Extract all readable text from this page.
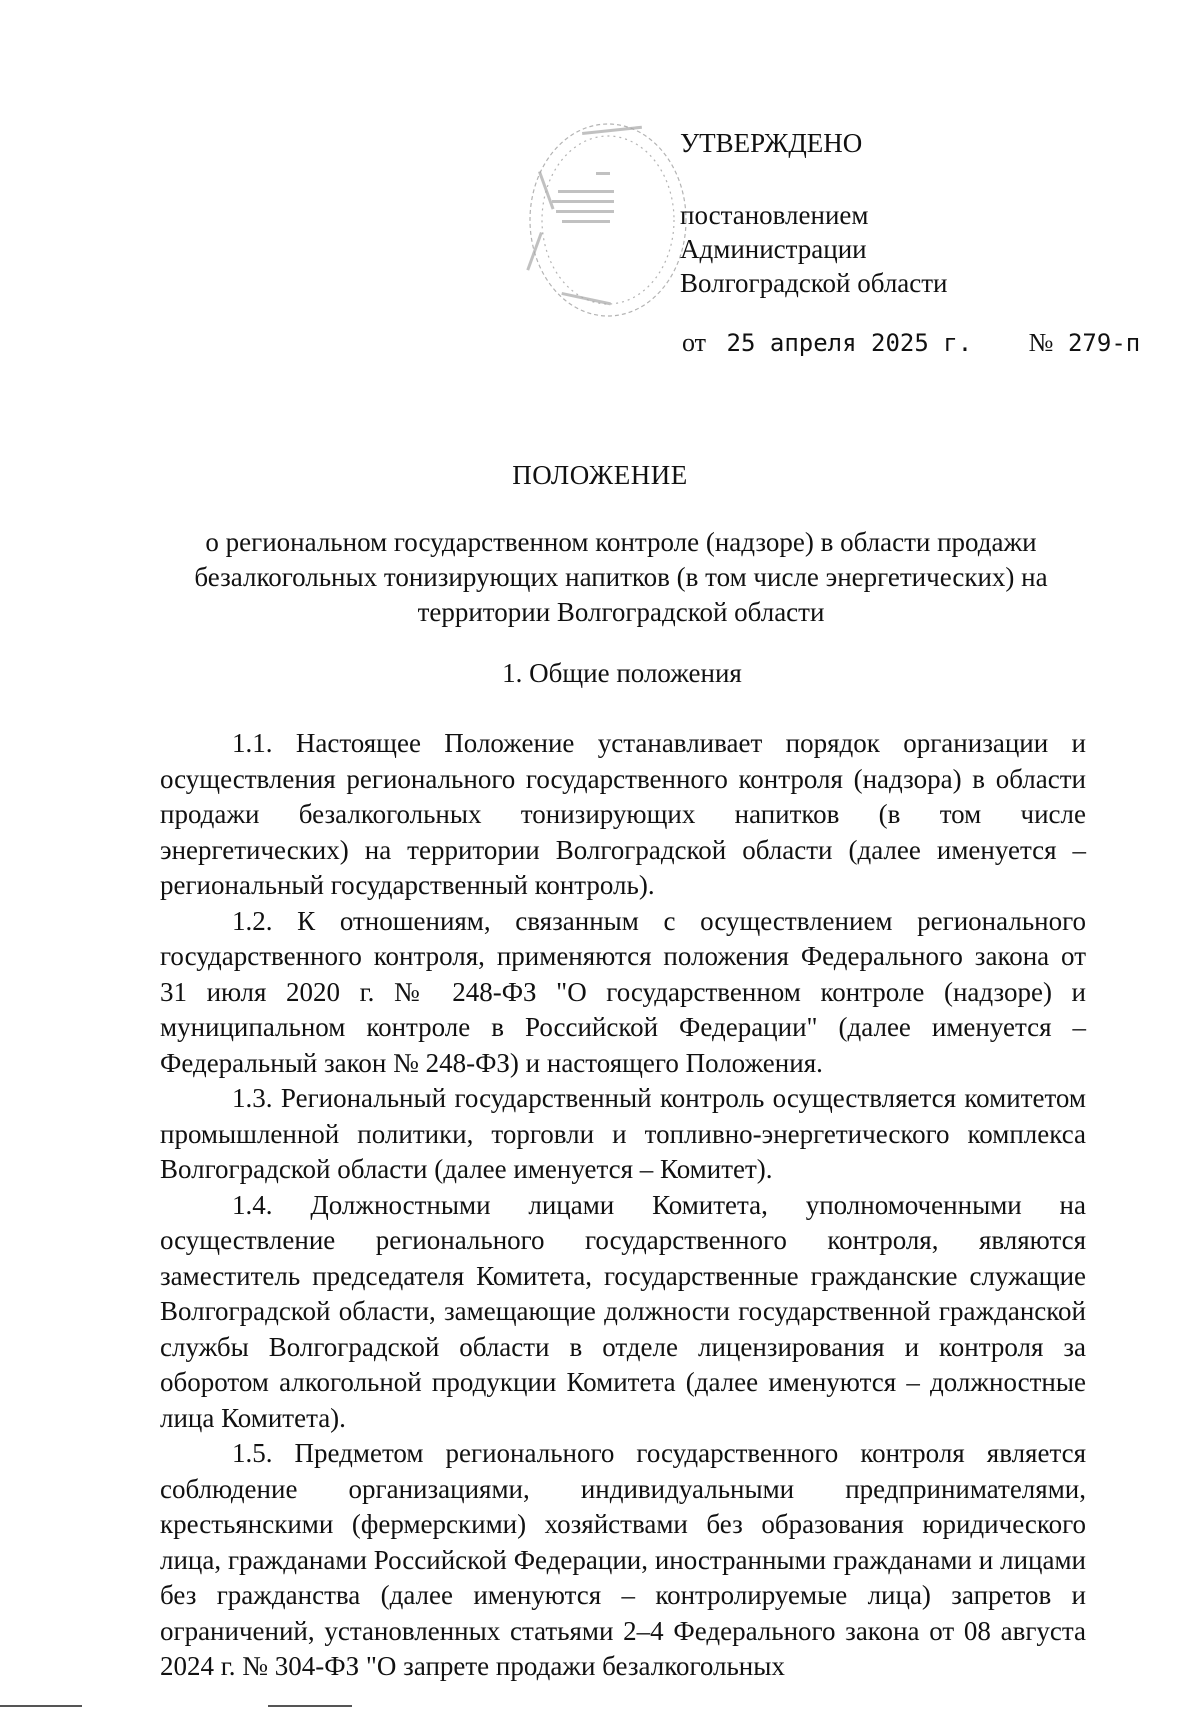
УТВЕРЖДЕНО
постановлением
Администрации
Волгоградской области
от 25 апреля 2025 г. № 279-п
ПОЛОЖЕНИЕ
о региональном государственном контроле (надзоре) в области продажи безалкогольных тонизирующих напитков (в том числе энергетических) на территории Волгоградской области
1. Общие положения

1.1. Настоящее Положение устанавливает порядок организации и осуществления регионального государственного контроля (надзора) в области продажи безалкогольных тонизирующих напитков (в том числе энергетических) на территории Волгоградской области (далее именуется – региональный государственный контроль).

1.2. К отношениям, связанным с осуществлением регионального государственного контроля, применяются положения Федерального закона от 31 июля 2020 г. № 248-ФЗ "О государственном контроле (надзоре) и муниципальном контроле в Российской Федерации" (далее именуется – Федеральный закон № 248-ФЗ) и настоящего Положения.

1.3. Региональный государственный контроль осуществляется комитетом промышленной политики, торговли и топливно-энергетического комплекса Волгоградской области (далее именуется – Комитет).

1.4. Должностными лицами Комитета, уполномоченными на осуществление регионального государственного контроля, являются заместитель председателя Комитета, государственные гражданские служащие Волгоградской области, замещающие должности государственной гражданской службы Волгоградской области в отделе лицензирования и контроля за оборотом алкогольной продукции Комитета (далее именуются – должностные лица Комитета).

1.5. Предметом регионального государственного контроля является соблюдение организациями, индивидуальными предпринимателями, крестьянскими (фермерскими) хозяйствами без образования юридического лица, гражданами Российской Федерации, иностранными гражданами и лицами без гражданства (далее именуются – контролируемые лица) запретов и ограничений, установленных статьями 2–4 Федерального закона от 08 августа 2024 г. № 304-ФЗ "О запрете продажи безалкогольных
